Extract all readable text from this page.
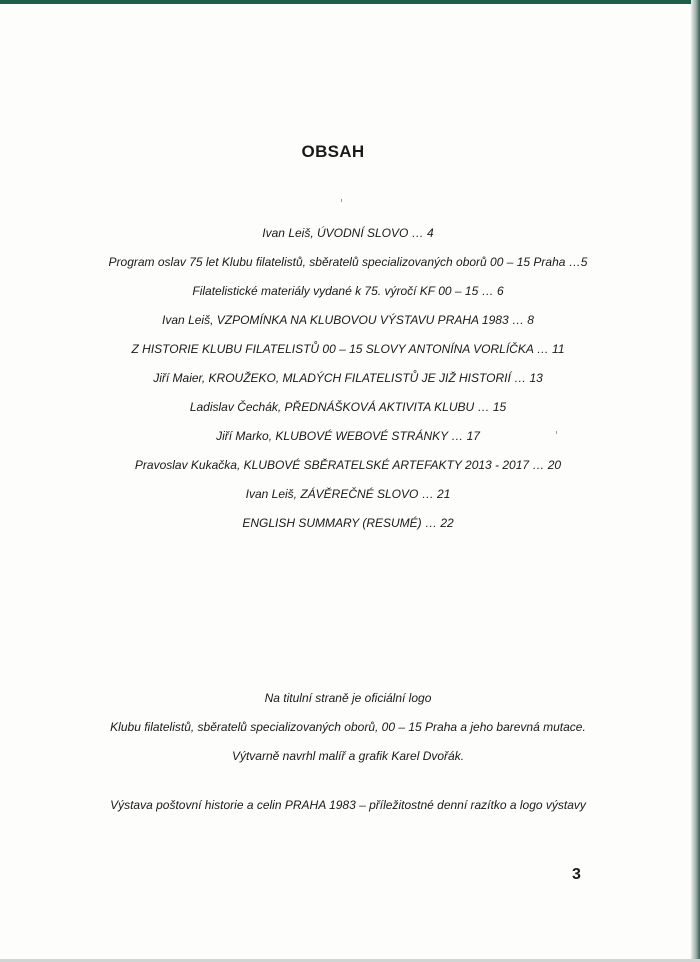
OBSAH
Ivan Leiš, ÚVODNÍ SLOVO … 4
Program oslav 75 let Klubu filatelistů, sběratelů specializovaných oborů 00 – 15 Praha …5
Filatelistické materiály vydané k 75. výročí KF 00 – 15 … 6
Ivan Leiš, VZPOMÍNKA NA KLUBOVOU VÝSTAVU PRAHA 1983 … 8
Z HISTORIE KLUBU FILATELISTŮ 00 – 15 SLOVY ANTONÍNA VORLÍČKA … 11
Jiří Maier, KROUŽEKO, MLADÝCH FILATELISTŮ JE JIŽ HISTORIÍ … 13
Ladislav Čechák, PŘEDNÁŠKOVÁ AKTIVITA KLUBU … 15
Jiří Marko, KLUBOVÉ WEBOVÉ STRÁNKY … 17
Pravoslav Kukačka, KLUBOVÉ SBĚRATELSKÉ ARTEFAKTY 2013 - 2017 … 20
Ivan Leiš, ZÁVĚREČNÉ SLOVO … 21
ENGLISH SUMMARY (RESUMÉ) … 22
Na titulní straně je oficiální logo
Klubu filatelistů, sběratelů specializovaných oborů, 00 – 15 Praha a jeho barevná mutace.
Výtvarně navrhl malíř a grafik Karel Dvořák.
Výstava poštovní historie a celin PRAHA 1983 – příležitostné denní razítko a logo výstavy
3
